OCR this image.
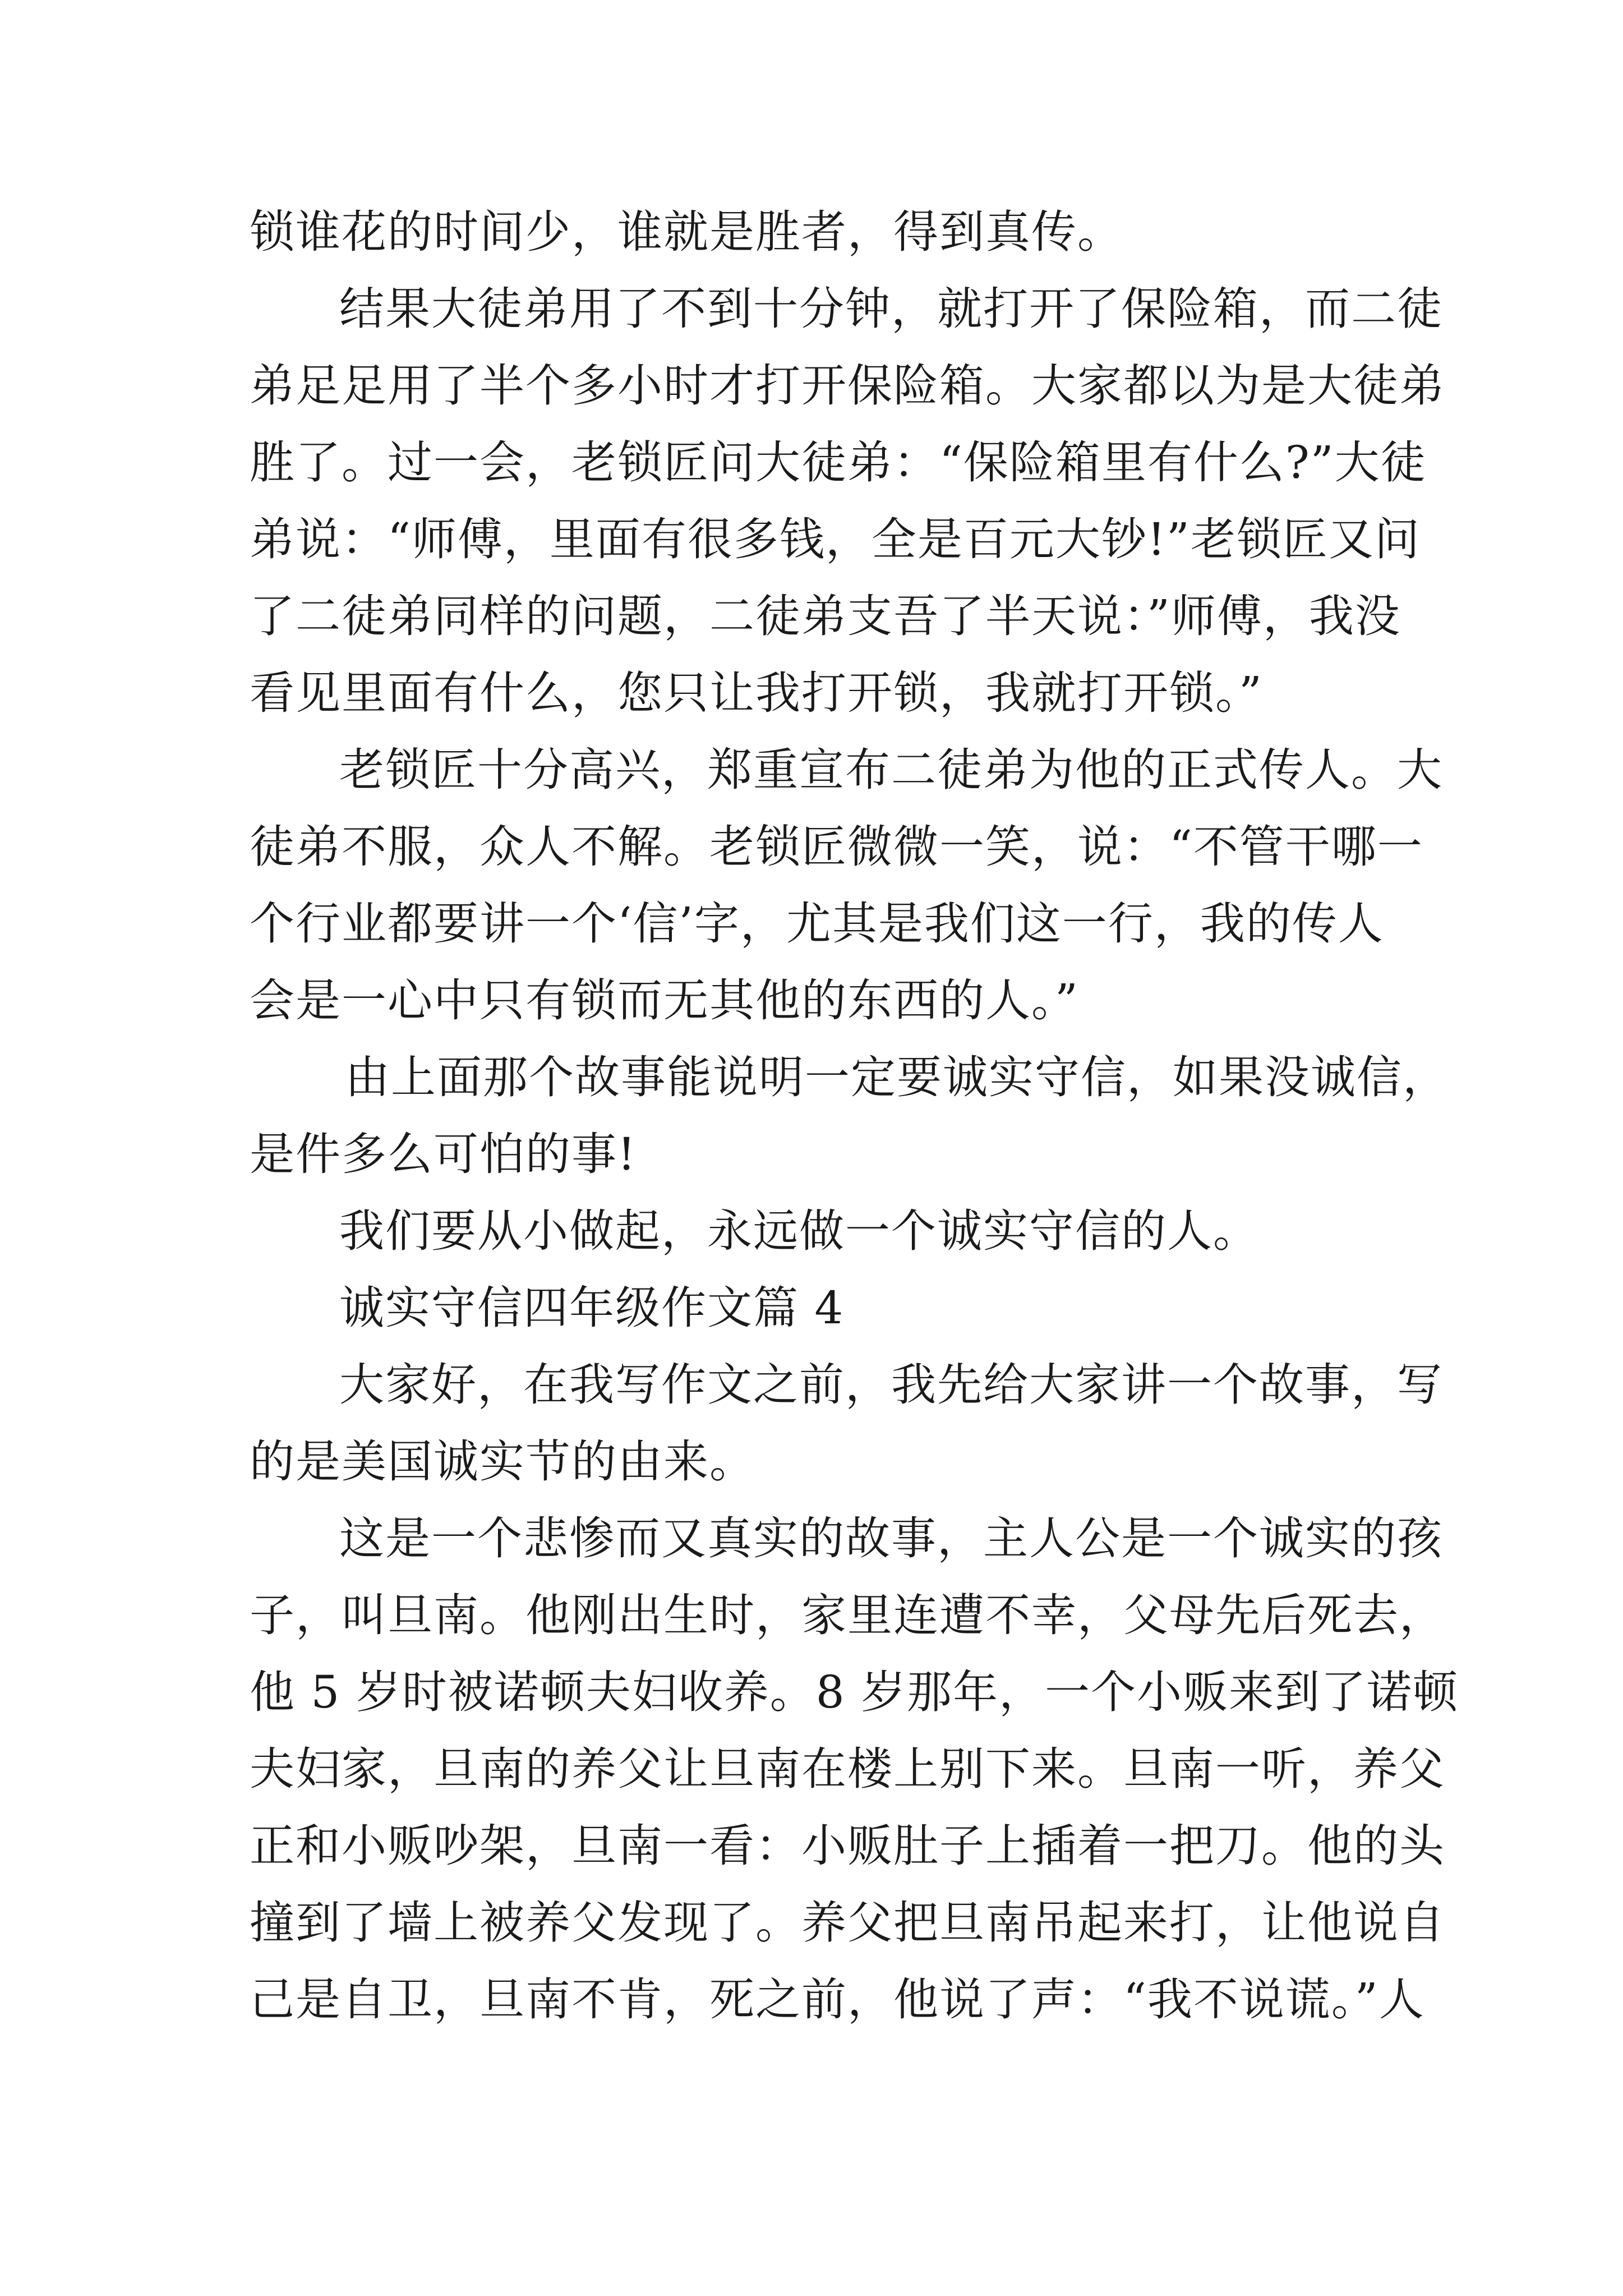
锁谁花的时间少，谁就是胜者，得到真传。
结果大徒弟用了不到十分钟，就打开了保险箱，而二徒
弟足足用了半个多小时才打开保险箱。大家都以为是大徒弟
胜了。过一会，老锁匠问大徒弟：“保险箱里有什么?”大徒
弟说：“师傅，里面有很多钱，全是百元大钞!”老锁匠又问
了二徒弟同样的问题，二徒弟支吾了半天说：”师傅，我没
看见里面有什么，您只让我打开锁，我就打开锁。”
老锁匠十分高兴，郑重宣布二徒弟为他的正式传人。大
徒弟不服，众人不解。老锁匠微微一笑，说：“不管干哪一
个行业都要讲一个‘信’字，尤其是我们这一行，我的传人
会是一心中只有锁而无其他的东西的人。”
由上面那个故事能说明一定要诚实守信，如果没诚信，
是件多么可怕的事!
我们要从小做起，永远做一个诚实守信的人。
诚实守信四年级作文篇 4
大家好，在我写作文之前，我先给大家讲一个故事，写
的是美国诚实节的由来。
这是一个悲惨而又真实的故事，主人公是一个诚实的孩
子，叫旦南。他刚出生时，家里连遭不幸，父母先后死去，
他 5 岁时被诺顿夫妇收养。8 岁那年，一个小贩来到了诺顿
夫妇家，旦南的养父让旦南在楼上别下来。旦南一听，养父
正和小贩吵架，旦南一看：小贩肚子上插着一把刀。他的头
撞到了墙上被养父发现了。养父把旦南吊起来打，让他说自
己是自卫，旦南不肯，死之前，他说了声：“我不说谎。”人
